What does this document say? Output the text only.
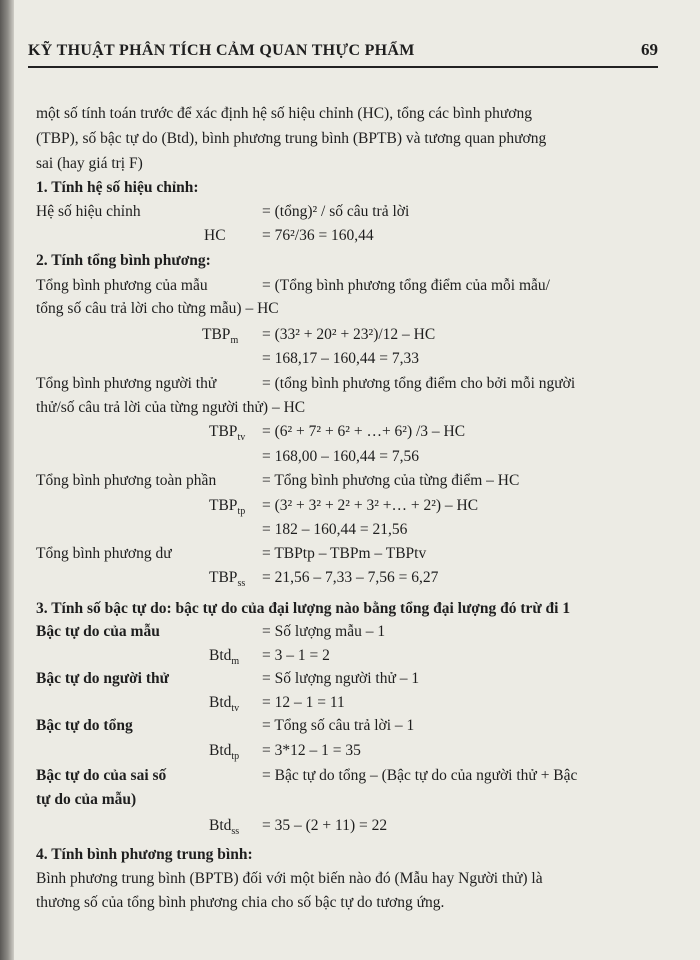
KỸ THUẬT PHÂN TÍCH CẢM QUAN THỰC PHẨM	69
một số tính toán trước để xác định hệ số hiệu chỉnh (HC), tổng các bình phương
(TBP), số bậc tự do (Btd), bình phương trung bình (BPTB) và tương quan phương
sai (hay giá trị F)
1. Tính hệ số hiệu chỉnh:
Hệ số hiệu chỉnh	= (tổng)² / số câu trả lời
HC = 76²/36 = 160,44
2. Tính tổng bình phương:
Tổng bình phương của mẫu	= (Tổng bình phương tổng điểm của mỗi mẫu/
tổng số câu trả lời cho từng mẫu) – HC
$TBP_m = (33^2 + 20^2 + 23^2)/12$ – HC
= 168,17 – 160,44 = 7,33
Tổng bình phương người thử	= (tổng bình phương tổng điểm cho bởi mỗi người
thử/số câu trả lời của từng người thử) – HC
$TBP_{tv} = (6^2 + 7^2 + 6^2$ + …+ 6²) /3 – HC
= 168,00 – 160,44 = 7,56
Tổng bình phương toàn phần	= Tổng bình phương của từng điểm – HC
$TBP_{tp} = (3^2 + 3^2 + 2^2 + 3^2$ +… + 2²) – HC
= 182 – 160,44 = 21,56
Tổng bình phương dư	= TBPtp – TBPm – TBPtv
$TBP_{ss} = 21,56 - 7,33 - 7,56 = 6,27$
3. Tính số bậc tự do: bậc tự do của đại lượng nào bằng tổng đại lượng đó trừ đi 1
Bậc tự do của mẫu	= Số lượng mẫu – 1
Btd$_m$ = 3 – 1 = 2
Bậc tự do người thử	= Số lượng người thử – 1
Btd$_{tv}$ = 12 – 1 = 11
Bậc tự do tổng	= Tổng số câu trả lời – 1
Btd$_{tp}$ = 3*12 – 1 = 35
Bậc tự do của sai số	= Bậc tự do tổng – (Bậc tự do của người thử + Bậc
tự do của mẫu)
Btd$_{ss}$ = 35 – (2 + 11) = 22
4. Tính bình phương trung bình:
Bình phương trung bình (BPTB) đối với một biến nào đó (Mẫu hay Người thử) là
thương số của tổng bình phương chia cho số bậc tự do tương ứng.
